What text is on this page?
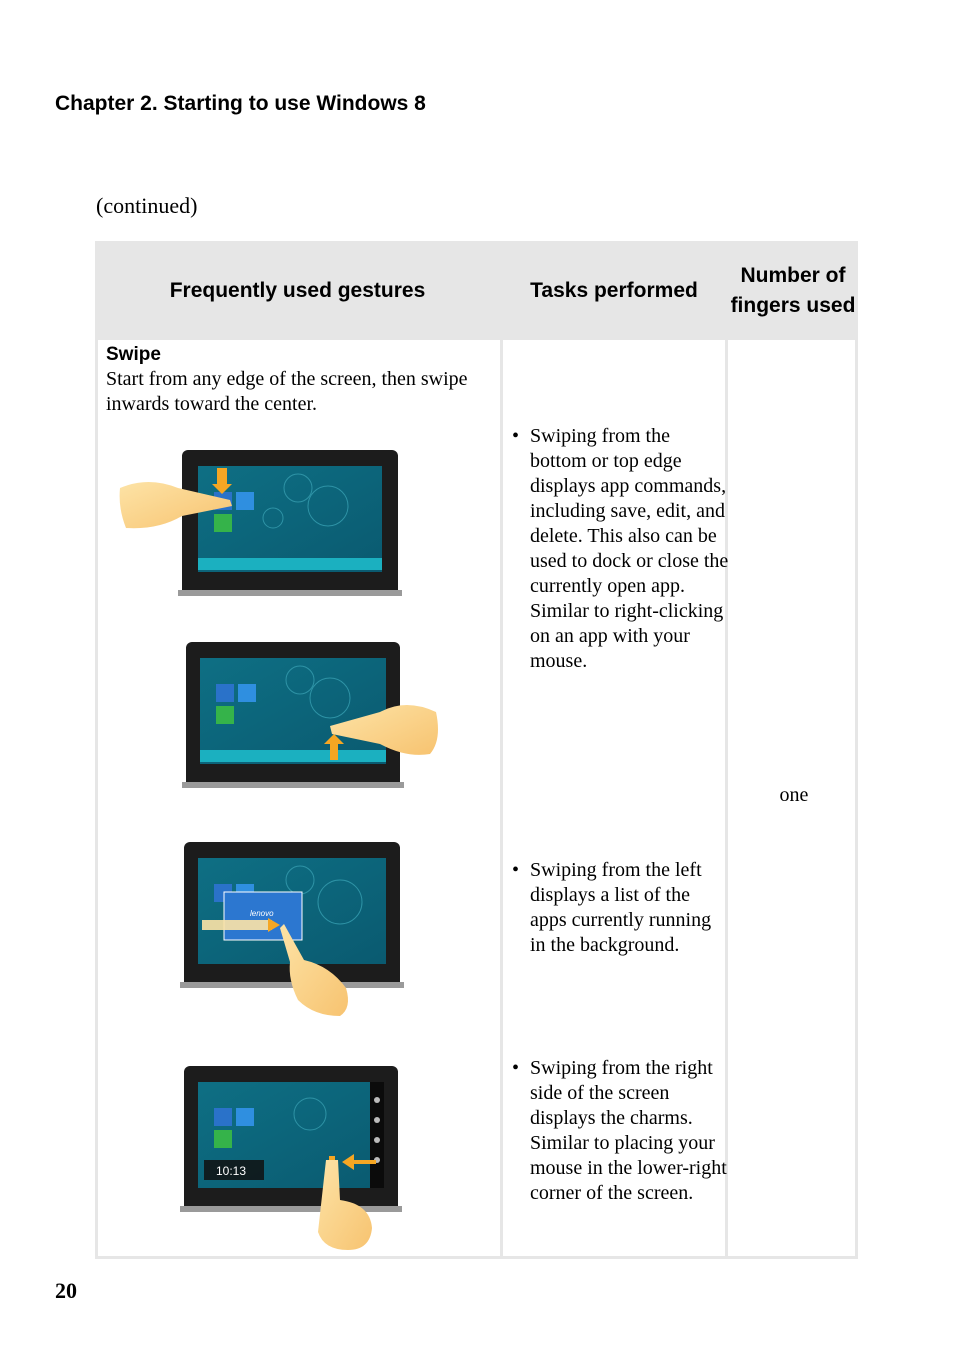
Chapter 2. Starting to use Windows 8
(continued)
Frequently used gestures	Tasks performed
Number of fingers used
Swipe
Start from any edge of the screen, then swipe inwards toward the center.
• Swiping from the bottom or top edge displays app commands, including save, edit, and delete. This also can be used to dock or close the currently open app. Similar to right-clicking on an app with your mouse.
• Swiping from the left displays a list of the apps currently running in the background.
• Swiping from the right side of the screen displays the charms. Similar to placing your mouse in the lower-right corner of the screen.
one
lenovo
10:13
20
